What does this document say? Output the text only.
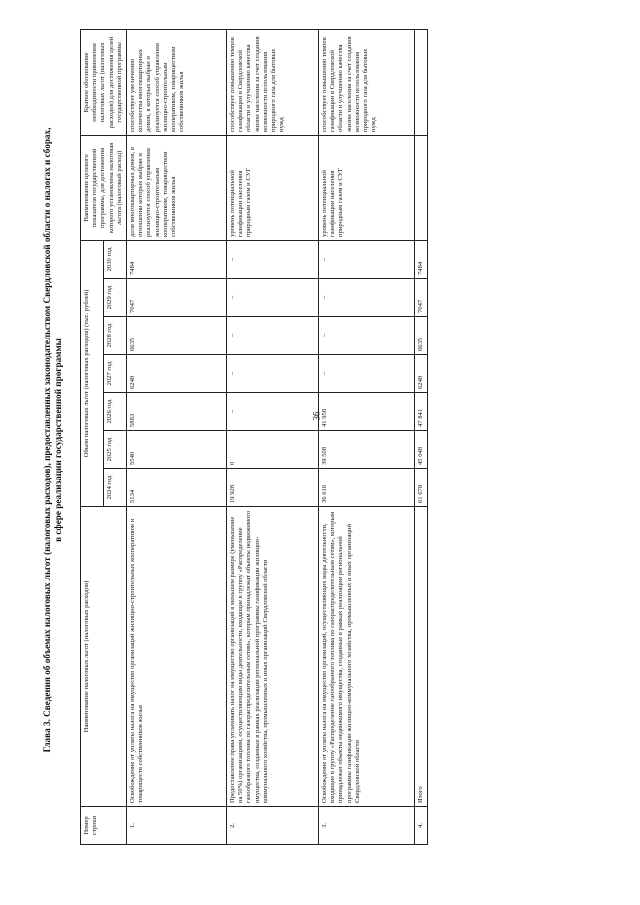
36
Глава 3. Сведения об объемах налоговых льгот (налоговых расходов), предоставленных законодательством Свердловской области о налогах и сборах, в сфере реализации государственной программы
Номер строки	Наименование налоговых льгот (налоговых расходов)	Объем налоговых льгот (налоговых расходов) (тыс. рублей)							Наименование целевого показателя государственной программы, для достижения которого установлена налоговая льгота (налоговый расход)	Краткое обоснование необходимости применения налоговых льгот (налоговых расходов) для достижения целей государственной программы
		2024 год	2025 год	2026 год	2027 год	2028 год	2029 год	2030 год		
1.	Освобождение от уплаты налога на имущество организаций жилищно-строительных кооперативов и товариществ собственников жилья	5134	5540	5883	6248	6635	7047	7484	доля многоквартирных домов, в отношении которых выбран и реализуется способ управления жилищно-строительным кооперативом, товариществом собственников жилья	способствует увеличению количества многоквартирных домов, в которых выбран и реализуется способ управления жилищно-строительным кооперативом, товариществом собственников жилья
2.	Предоставление права уплачивать налог на имущество организаций в меньшем размере (уменьшение на 50%) организациям, осуществляющим виды деятельности, входящие в группу «Распределение газообразного топлива по газораспределительным сетям», которым принадлежат объекты недвижимого имущества, созданные в рамках реализации региональной программы газификации жилищно-коммунального хозяйства, промышленных и иных организаций Свердловской области	19 928	0	–	–	–	–	–	уровень потенциальной газификации населения природным газом и СУГ	способствует повышению темпов газификации в Свердловской области и улучшению качества жизни населения за счет создания возможности использования природного газа для бытовых нужд
3.	Освобождение от уплаты налога на имущество организаций, осуществляющих виды деятельности, входящие в группу «Распределение газообразного топлива по газораспределительным сетям», которым принадлежат объекты недвижимого имущества, созданные в рамках реализации региональной программы газификации жилищно-коммунального хозяйства, промышленных и иных организаций Свердловской области	36 616	39 508	41 958	–	–	–	–	уровень потенциальной газификации населения природным газом и СУГ	способствует повышению темпов газификации в Свердловской области и улучшению качества жизни населения за счет создания возможности использования природного газа для бытовых нужд
4.	Итого	61 678	45 048	47 841	6248	6635	7047	7484		
